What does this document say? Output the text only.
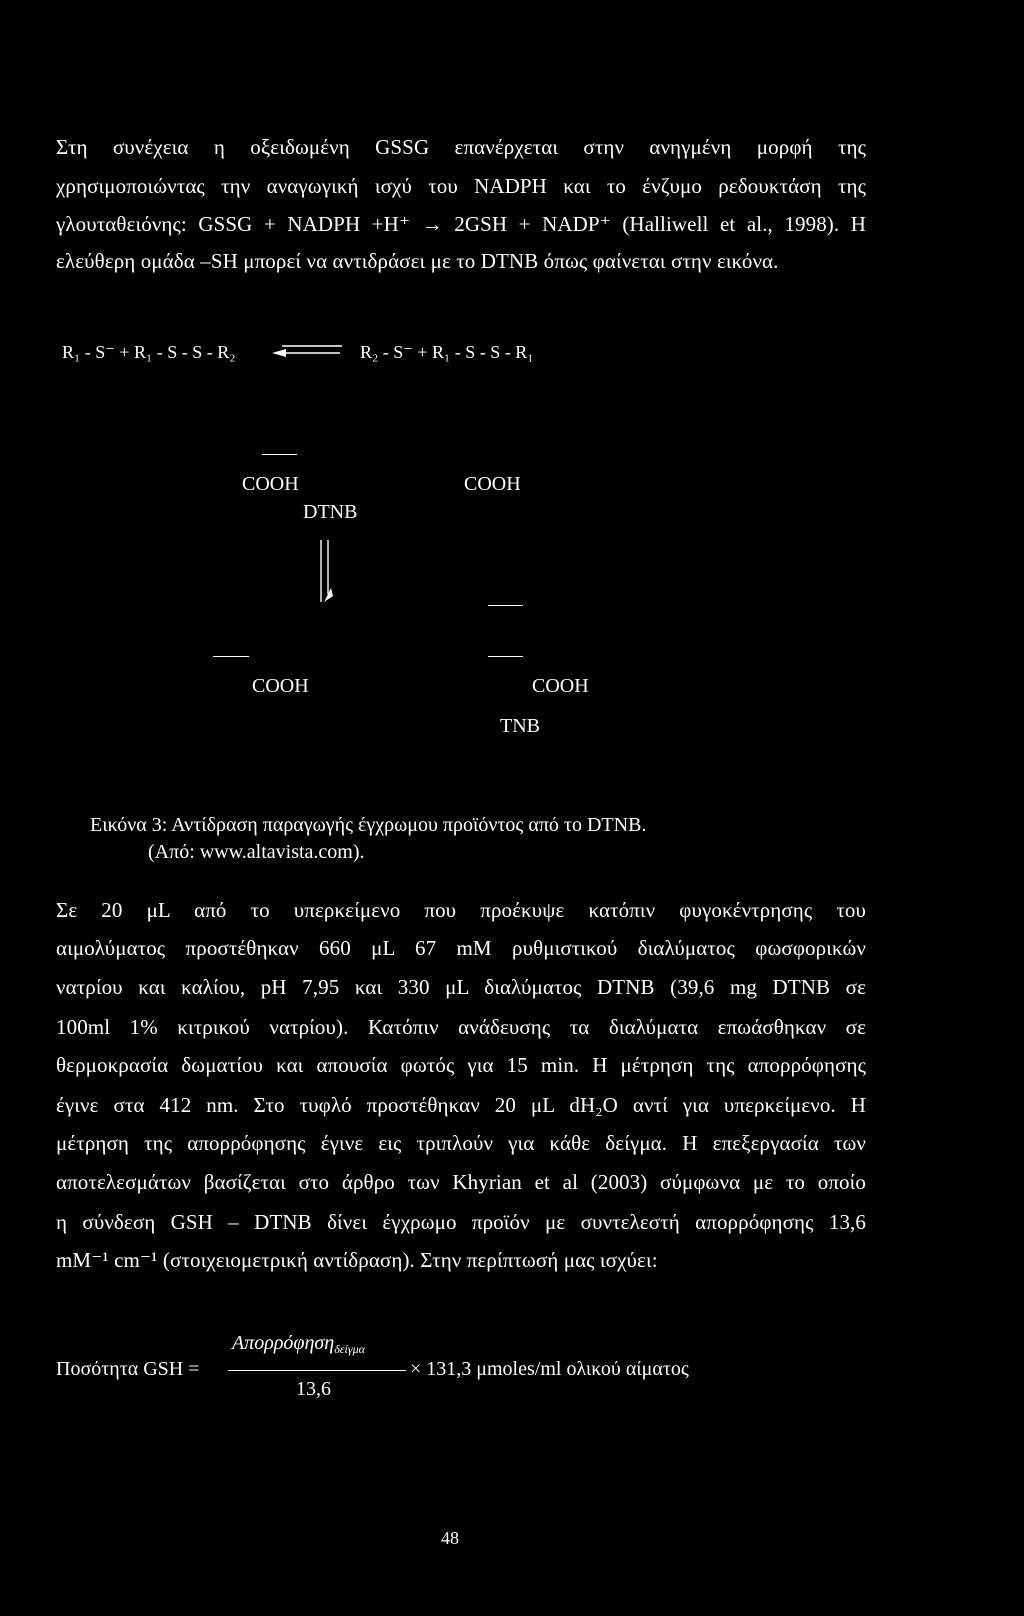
Στη συνέχεια η οξειδωμένη GSSG επανέρχεται στην ανηγμένη μορφή της
χρησιμοποιώντας την αναγωγική ισχύ του NADPH και το ένζυμο ρεδουκτάση της
γλουταθειόνης: GSSG + NADPH +H⁺ → 2GSH + NADP⁺ (Halliwell et al., 1998). Η
ελεύθερη ομάδα –SH μπορεί να αντιδράσει με το DTNB όπως φαίνεται στην εικόνα.
R₁ - S⁻ + R₁ - S - S - R₂	R₂ - S⁻ + R₁ - S - S - R₁
COOH	COOH
DTNB
COOH	COOH
TNB
Εικόνα 3: Αντίδραση παραγωγής έγχρωμου προϊόντος από το DTNB.
(Από: www.altavista.com).
Σε 20 μL από το υπερκείμενο που προέκυψε κατόπιν φυγοκέντρησης του
αιμολύματος προστέθηκαν 660 μL 67 mM ρυθμιστικού διαλύματος φωσφορικών
νατρίου και καλίου, pH 7,95 και 330 μL διαλύματος DTNB (39,6 mg DTNB σε
100ml 1% κιτρικού νατρίου). Κατόπιν ανάδευσης τα διαλύματα επωάσθηκαν σε
θερμοκρασία δωματίου και απουσία φωτός για 15 min. Η μέτρηση της απορρόφησης
έγινε στα 412 nm. Στο τυφλό προστέθηκαν 20 μL dH₂O αντί για υπερκείμενο. Η
μέτρηση της απορρόφησης έγινε εις τριπλούν για κάθε δείγμα. Η επεξεργασία των
αποτελεσμάτων βασίζεται στο άρθρο των Khyrian et al (2003) σύμφωνα με το οποίο
η σύνδεση GSH – DTNB δίνει έγχρωμο προϊόν με συντελεστή απορρόφησης 13,6
mM⁻¹ cm⁻¹ (στοιχειομετρική αντίδραση). Στην περίπτωσή μας ισχύει:
Ποσότητα GSH =
Απορρόφηση$_{\delta\varepsilon ί\gamma\mu\alpha}$
13,6
× 131,3 μmoles/ml ολικού αίματος
48
